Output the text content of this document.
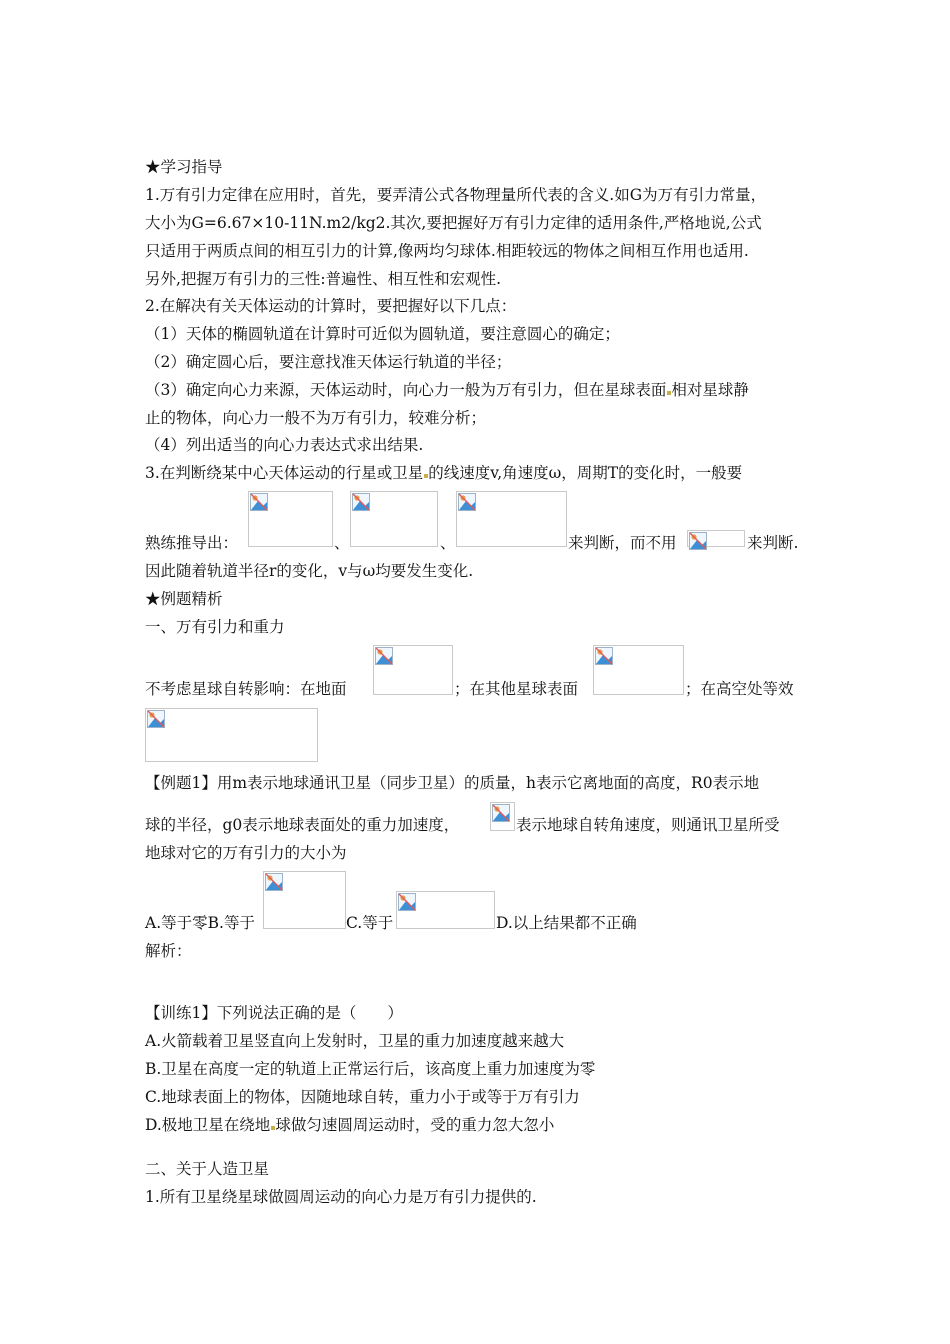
★学习指导
1.万有引力定律在应用时，首先，要弄清公式各物理量所代表的含义.如G为万有引力常量，
大小为G=6.67×10-11N.m2/kg2.其次,要把握好万有引力定律的适用条件,严格地说,公式
只适用于两质点间的相互引力的计算,像两均匀球体.相距较远的物体之间相互作用也适用.
另外,把握万有引力的三性:普遍性、相互性和宏观性.
2.在解决有关天体运动的计算时，要把握好以下几点：
（1）天体的椭圆轨道在计算时可近似为圆轨道，要注意圆心的确定；
（2）确定圆心后，要注意找准天体运行轨道的半径；
（3）确定向心力来源，天体运动时，向心力一般为万有引力，但在星球表面 相对星球静
止的物体，向心力一般不为万有引力，较难分析；
（4）列出适当的向心力表达式求出结果.
3.在判断绕某中心天体运动的行星或卫星 的线速度v,角速度ω，周期T的变化时，一般要
熟练推导出：	、	、	来判断，而不用	来判断.
因此随着轨道半径r的变化，v与ω均要发生变化.
★例题精析
一、万有引力和重力
不考虑星球自转影响：在地面	；在其他星球表面	；在高空处等效
【例题1】用m表示地球通讯卫星（同步卫星）的质量，h表示它离地面的高度，R0表示地
球的半径，g0表示地球表面处的重力加速度，	表示地球自转角速度，则通讯卫星所受
地球对它的万有引力的大小为
A.等于零B.等于	C.等于	D.以上结果都不正确
解析：
【训练1】下列说法正确的是（　　）
A.火箭载着卫星竖直向上发射时，卫星的重力加速度越来越大
B.卫星在高度一定的轨道上正常运行后，该高度上重力加速度为零
C.地球表面上的物体，因随地球自转，重力小于或等于万有引力
D.极地卫星在绕地 球做匀速圆周运动时，受的重力忽大忽小
二、关于人造卫星
1.所有卫星绕星球做圆周运动的向心力是万有引力提供的.
